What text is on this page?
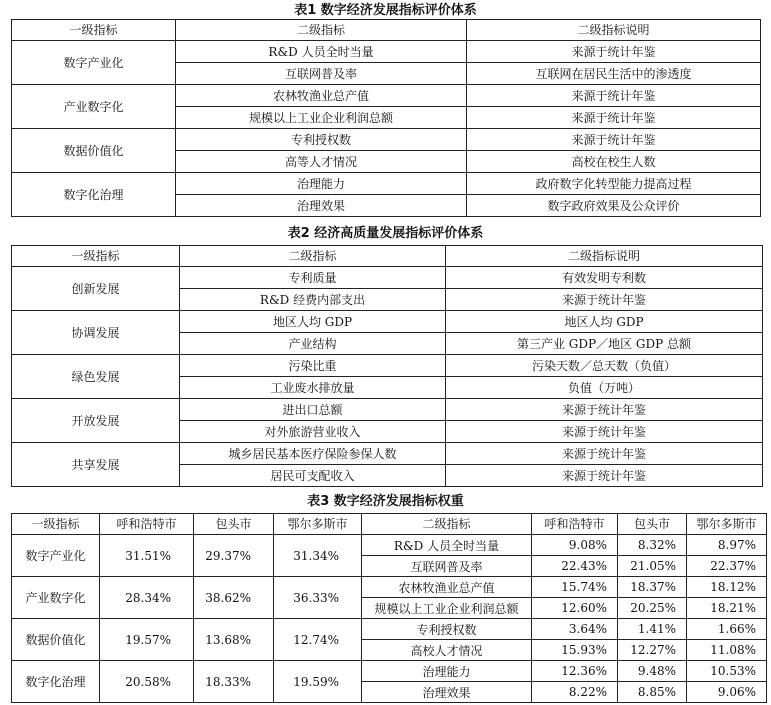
表1 数字经济发展指标评价体系
一级指标	二级指标	二级指标说明
数字产业化	R&D 人员全时当量	来源于统计年鉴
	互联网普及率	互联网在居民生活中的渗透度
产业数字化	农林牧渔业总产值	来源于统计年鉴
	规模以上工业企业利润总额	来源于统计年鉴
数据价值化	专利授权数	来源于统计年鉴
	高等人才情况	高校在校生人数
数字化治理	治理能力	政府数字化转型能力提高过程
	治理效果	数字政府效果及公众评价
表2 经济高质量发展指标评价体系
一级指标	二级指标	二级指标说明
创新发展	专利质量	有效发明专利数
	R&D 经费内部支出	来源于统计年鉴
协调发展	地区人均 GDP	地区人均 GDP
	产业结构	第三产业 GDP／地区 GDP 总额
绿色发展	污染比重	污染天数／总天数（负值）
	工业废水排放量	负值（万吨）
开放发展	进出口总额	来源于统计年鉴
	对外旅游营业收入	来源于统计年鉴
共享发展	城乡居民基本医疗保险参保人数	来源于统计年鉴
	居民可支配收入	来源于统计年鉴
表3 数字经济发展指标权重
一级指标	呼和浩特市	包头市	鄂尔多斯市	二级指标	呼和浩特市	包头市	鄂尔多斯市
数字产业化	31.51%	29.37%	31.34%	R&D 人员全时当量	9.08%	8.32%	8.97%
				互联网普及率	22.43%	21.05%	22.37%
产业数字化	28.34%	38.62%	36.33%	农林牧渔业总产值	15.74%	18.37%	18.12%
				规模以上工业企业利润总额	12.60%	20.25%	18.21%
数据价值化	19.57%	13.68%	12.74%	专利授权数	3.64%	1.41%	1.66%
				高校人才情况	15.93%	12.27%	11.08%
数字化治理	20.58%	18.33%	19.59%	治理能力	12.36%	9.48%	10.53%
				治理效果	8.22%	8.85%	9.06%
